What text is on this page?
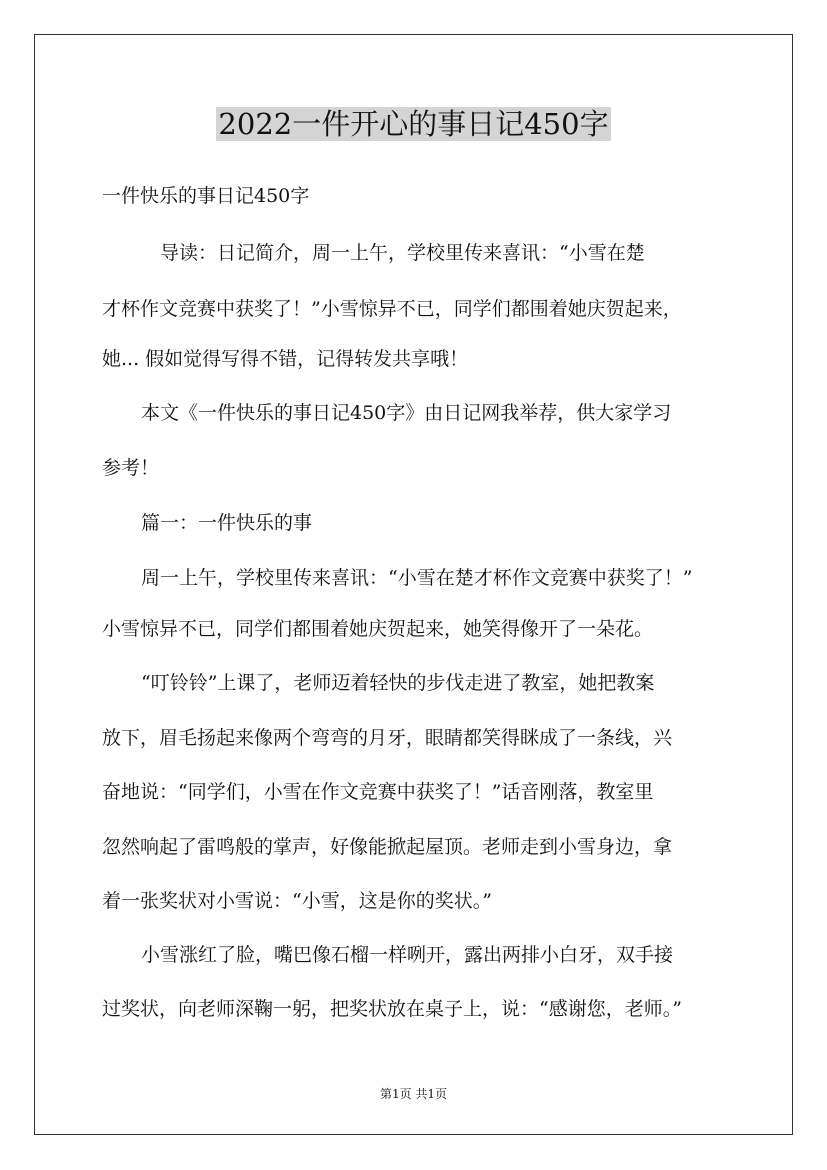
2022一件开心的事日记450字
一件快乐的事日记450字
导读：日记简介，周一上午，学校里传来喜讯：“小雪在楚
才杯作文竞赛中获奖了！”小雪惊异不已，同学们都围着她庆贺起来，
她... 假如觉得写得不错，记得转发共享哦！
本文《一件快乐的事日记450字》由日记网我举荐，供大家学习
参考！
篇一：一件快乐的事
周一上午，学校里传来喜讯：“小雪在楚才杯作文竞赛中获奖了！”
小雪惊异不已，同学们都围着她庆贺起来，她笑得像开了一朵花。
“叮铃铃”上课了，老师迈着轻快的步伐走进了教室，她把教案
放下，眉毛扬起来像两个弯弯的月牙，眼睛都笑得眯成了一条线，兴
奋地说：“同学们，小雪在作文竞赛中获奖了！”话音刚落，教室里
忽然响起了雷鸣般的掌声，好像能掀起屋顶。老师走到小雪身边，拿
着一张奖状对小雪说：“小雪，这是你的奖状。”
小雪涨红了脸，嘴巴像石榴一样咧开，露出两排小白牙，双手接
过奖状，向老师深鞠一躬，把奖状放在桌子上，说：“感谢您，老师。”
第1页 共1页
